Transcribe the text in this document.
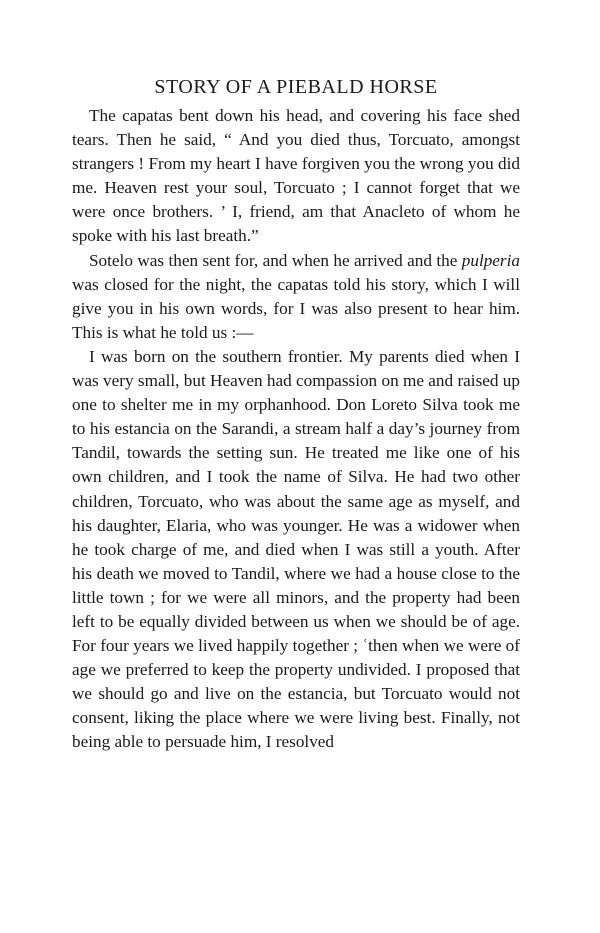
STORY OF A PIEBALD HORSE

The capatas bent down his head, and covering his face shed tears. Then he said, “ And you died thus, Torcuato, amongst strangers ! From my heart I have forgiven you the wrong you did me. Heaven rest your soul, Torcuato ; I cannot forget that we were once brothers. ’ I, friend, am that Anacleto of whom he spoke with his last breath.”

Sotelo was then sent for, and when he arrived and the pulperia was closed for the night, the capatas told his story, which I will give you in his own words, for I was also present to hear him. This is what he told us :—

I was born on the southern frontier. My parents died when I was very small, but Heaven had compassion on me and raised up one to shelter me in my orphanhood. Don Loreto Silva took me to his estancia on the Sarandi, a stream half a day’s journey from Tandil, towards the setting sun. He treated me like one of his own children, and I took the name of Silva. He had two other children, Torcuato, who was about the same age as myself, and his daughter, Elaria, who was younger. He was a widower when he took charge of me, and died when I was still a youth. After his death we moved to Tandil, where we had a house close to the little town ; for we were all minors, and the property had been left to be equally divided between us when we should be of age. For four years we lived happily together ; ʿthen when we were of age we preferred to keep the property undivided. I proposed that we should go and live on the estancia, but Torcuato would not consent, liking the place where we were living best. Finally, not being able to persuade him, I resolved
